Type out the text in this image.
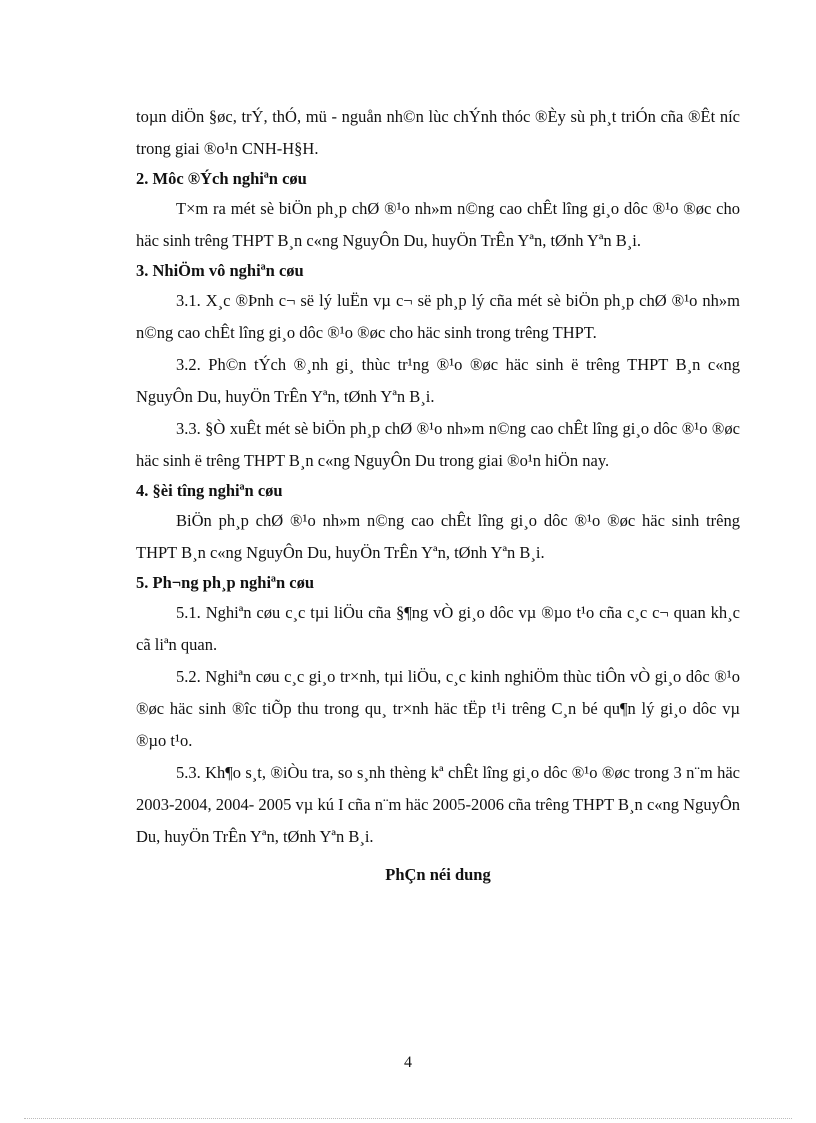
toµn diÖn §øc, trÝ, thÓ, mü - nguån nh©n lùc chÝnh thóc ®Èy sù ph¸t triÓn cña ®Êt níc trong giai ®o¹n CNH-H§H.

2. Môc ®Ých nghiªn cøu

T×m ra mét sè biÖn ph¸p chØ ®¹o nh»m n©ng cao chÊt lîng gi¸o dôc ®¹o ®øc cho häc sinh trêng THPT B¸n c«ng NguyÔn Du, huyÖn TrÊn Yªn, tØnh Yªn B¸i.

3. NhiÖm vô nghiªn cøu

3.1. X¸c ®Þnh c¬ së lý luËn vµ c¬ së ph¸p lý cña mét sè biÖn ph¸p chØ ®¹o nh»m n©ng cao chÊt lîng gi¸o dôc ®¹o ®øc cho häc sinh trong trêng THPT.

3.2. Ph©n tÝch ®¸nh gi¸ thùc tr¹ng ®¹o ®øc häc sinh ë trêng THPT B¸n c«ng NguyÔn Du, huyÖn TrÊn Yªn, tØnh Yªn B¸i.

3.3. §Ò xuÊt mét sè biÖn ph¸p chØ ®¹o nh»m n©ng cao chÊt lîng gi¸o dôc ®¹o ®øc häc sinh ë trêng THPT B¸n c«ng NguyÔn Du trong giai ®o¹n hiÖn nay.

4. §èi tîng nghiªn cøu

BiÖn ph¸p chØ ®¹o nh»m n©ng cao chÊt lîng gi¸o dôc ®¹o ®øc häc sinh trêng THPT B¸n c«ng NguyÔn Du, huyÖn TrÊn Yªn, tØnh Yªn B¸i.

5. Ph¬ng ph¸p nghiªn cøu

5.1. Nghiªn cøu c¸c tµi liÖu cña §¶ng vÒ gi¸o dôc vµ ®µo t¹o cña c¸c c¬ quan kh¸c cã liªn quan.

5.2. Nghiªn cøu c¸c gi¸o tr×nh, tµi liÖu, c¸c kinh nghiÖm thùc tiÔn vÒ gi¸o dôc ®¹o ®øc häc sinh ®îc tiÕp thu trong qu¸ tr×nh häc tËp t¹i trêng C¸n bé qu¶n lý gi¸o dôc vµ ®µo t¹o.

5.3. Kh¶o s¸t, ®iÒu tra, so s¸nh thèng kª chÊt lîng gi¸o dôc ®¹o ®øc trong 3 n¨m häc 2003-2004, 2004- 2005 vµ kú I cña n¨m häc 2005-2006 cña trêng THPT B¸n c«ng NguyÔn Du, huyÖn TrÊn Yªn, tØnh Yªn B¸i.

PhÇn néi dung
4
